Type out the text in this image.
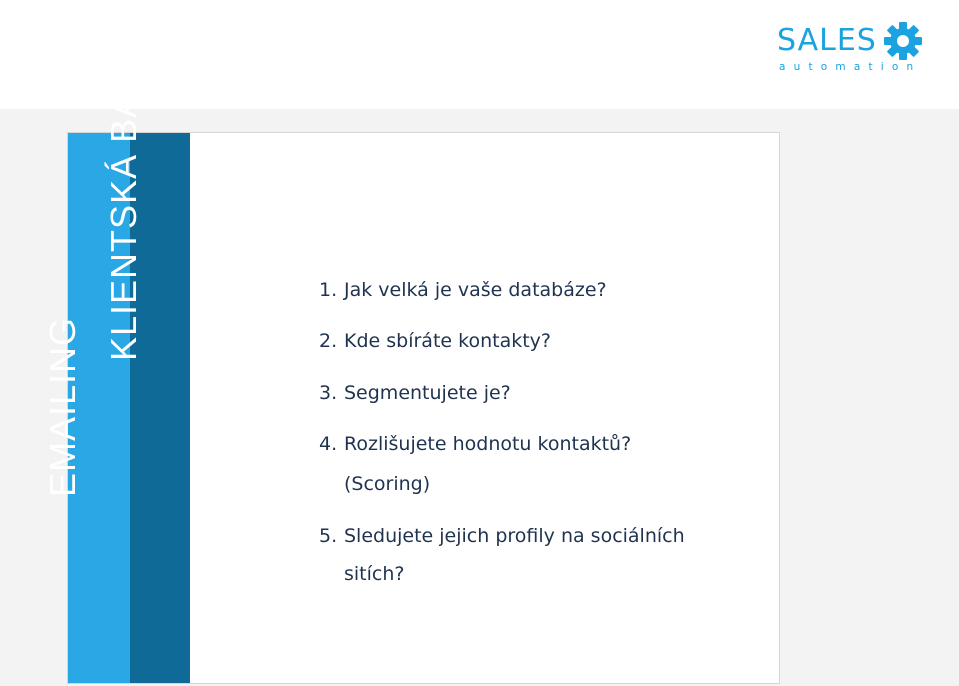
SALES
automation
EMAILING
KLIENTSKÁ BÁZE	1. Jak velká je vaše databáze?
2. Kde sbíráte kontakty?
3. Segmentujete je?
4. Rozlišujete hodnotu kontaktů?
(Scoring)
5. Sledujete jejich profily na sociálních
sitích?
